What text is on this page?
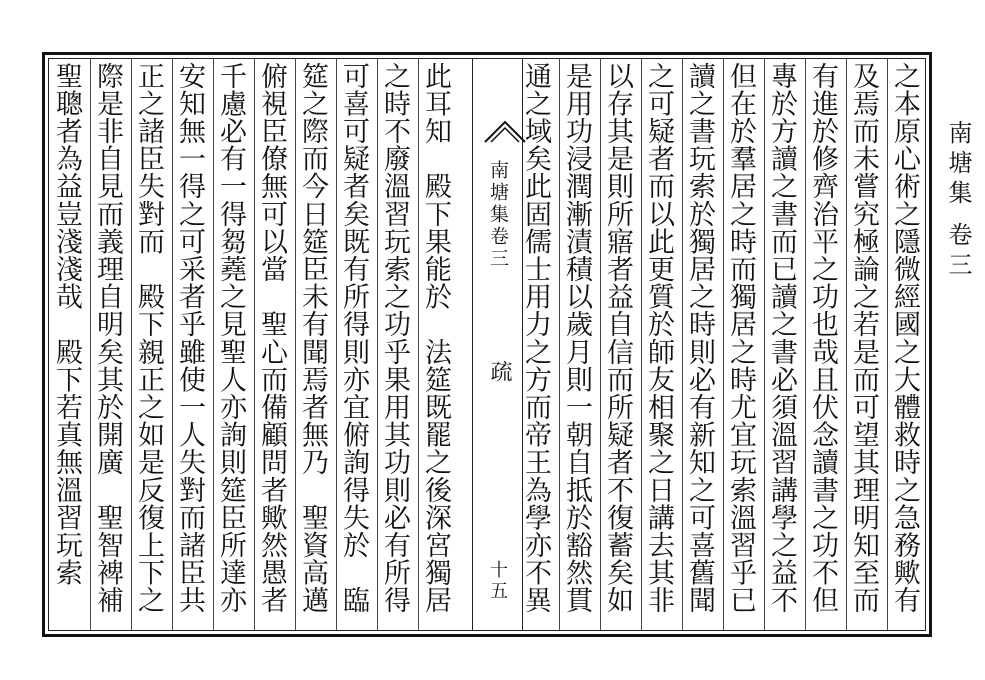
南塘集
卷三
之本原心術之隱微經國之大體救時之急務歟有
及焉而未嘗究極論之若是而可望其理明知至而
有進於修齊治平之功也哉且伏念讀書之功不但
專於方讀之書而已讀之書必須溫習講學之益不
但在於羣居之時而獨居之時尤宜玩索溫習乎已
讀之書玩索於獨居之時則必有新知之可喜舊聞
之可疑者而以此更質於師友相聚之日講去其非
以存其是則所寤者益自信而所疑者不復蓄矣如
是用功浸潤漸漬積以歲月則一朝自抵於豁然貫
通之域矣此固儒士用力之方而帝王為學亦不異
南塘集卷三
疏
十五
此耳知　殿下果能於　法筵既罷之後深宮獨居
之時不廢溫習玩索之功乎果用其功則必有所得
可喜可疑者矣既有所得則亦宜俯詢得失於　臨
筵之際而今日筵臣未有聞焉者無乃　聖資高邁
俯視臣僚無可以當　聖心而備顧問者歟然愚者
千慮必有一得芻蕘之見聖人亦詢則筵臣所達亦
安知無一得之可采者乎雖使一人失對而諸臣共
正之諸臣失對而　殿下親正之如是反復上下之
際是非自見而義理自明矣其於開廣　聖智裨補
聖聰者為益豈淺淺哉　殿下若真無溫習玩索
